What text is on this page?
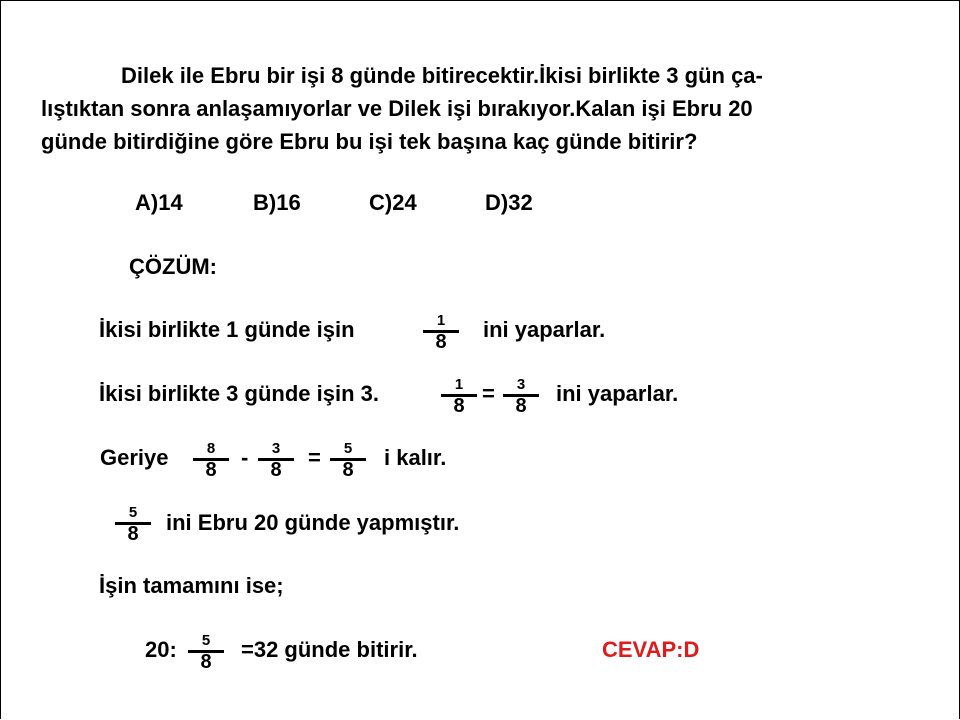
Dilek ile Ebru bir işi 8 günde bitirecektir.İkisi birlikte 3 gün ça-
lıştıktan sonra anlaşamıyorlar ve Dilek işi bırakıyor.Kalan işi Ebru 20
günde bitirdiğine göre Ebru bu işi tek başına kaç günde bitirir?
A)14	B)16	C)24	D)32
ÇÖZÜM:
İkisi birlikte 1 günde işin	1
8	ini yaparlar.
İkisi birlikte 3 günde işin 3.	1
8 =	3
8	ini yaparlar.
Geriye	8
8	-	3
8	=	5
8	i kalır.
5
8	ini Ebru 20 günde yapmıştır.
İşin tamamını ise;
20:	5
8	=32 günde bitirir.	CEVAP:D
